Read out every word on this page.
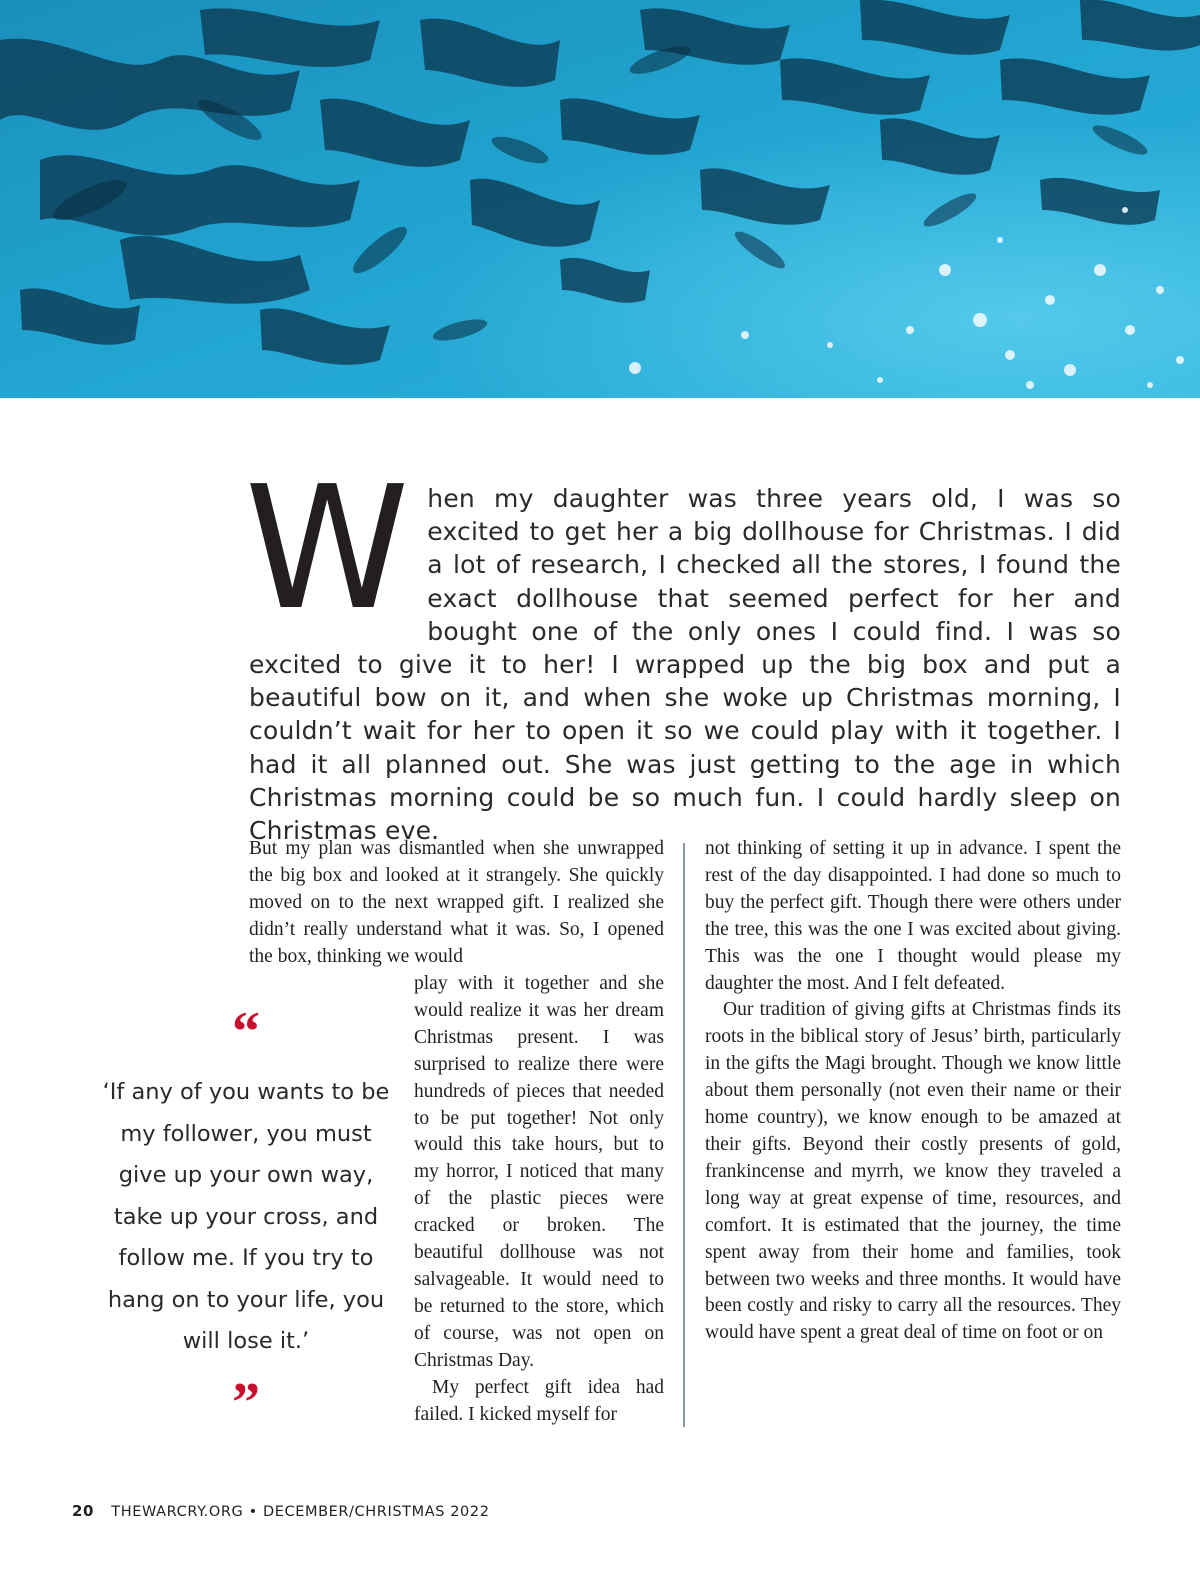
When my daughter was three years old, I was so excited to get her a big dollhouse for Christmas. I did a lot of research, I checked all the stores, I found the exact dollhouse that seemed perfect for her and bought one of the only ones I could find. I was so excited to give it to her! I wrapped up the big box and put a beautiful bow on it, and when she woke up Christmas morning, I couldn’t wait for her to open it so we could play with it together. I had it all planned out. She was just getting to the age in which Christmas morning could be so much fun. I could hardly sleep on Christmas eve.

But my plan was dismantled when she unwrapped the big box and looked at it strangely. She quickly moved on to the next wrapped gift. I realized she didn’t really understand what it was. So, I opened the box, thinking we would

play with it together and she would realize it was her dream Christmas present. I was surprised to realize there were hundreds of pieces that needed to be put together! Not only would this take hours, but to my horror, I noticed that many of the plastic pieces were cracked or broken. The beautiful dollhouse was not salvageable. It would need to be returned to the store, which of course, was not open on Christmas Day.

My perfect gift idea had failed. I kicked myself for

not thinking of setting it up in advance. I spent the rest of the day disappointed. I had done so much to buy the perfect gift. Though there were others under the tree, this was the one I was excited about giving. This was the one I thought would please my daughter the most. And I felt defeated.

Our tradition of giving gifts at Christmas finds its roots in the biblical story of Jesus’ birth, particularly in the gifts the Magi brought. Though we know little about them personally (not even their name or their home country), we know enough to be amazed at their gifts. Beyond their costly presents of gold, frankincense and myrrh, we know they traveled a long way at great expense of time, resources, and comfort. It is estimated that the journey, the time spent away from their home and families, took between two weeks and three months. It would have been costly and risky to carry all the resources. They would have spent a great deal of time on foot or on

“
‘If any of you wants to be my follower, you must give up your own way, take up your cross, and follow me. If you try to hang on to your life, you will lose it.’
”
20 THEWARCRY.ORG • DECEMBER/CHRISTMAS 2022
